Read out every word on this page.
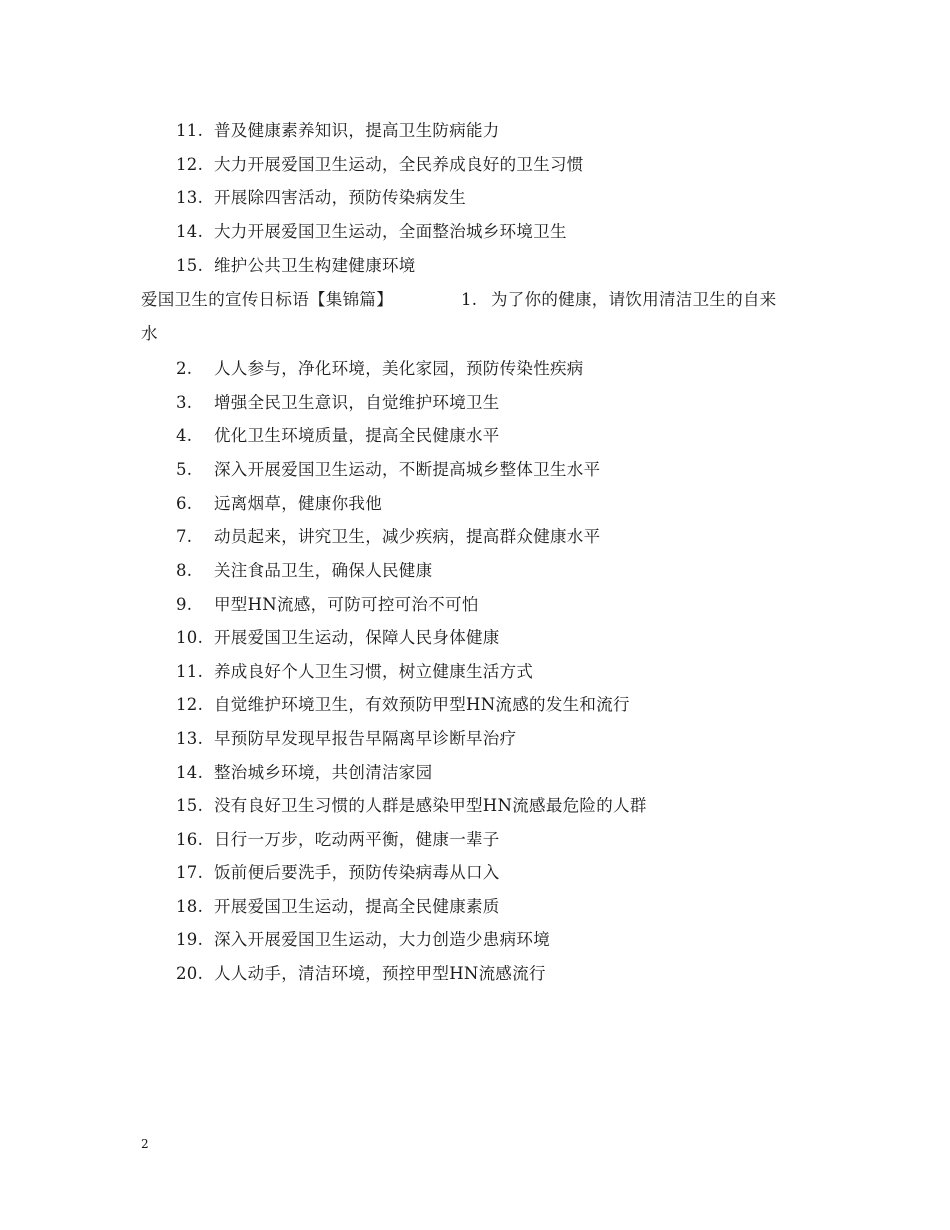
11. 普及健康素养知识，提高卫生防病能力
12. 大力开展爱国卫生运动，全民养成良好的卫生习惯
13. 开展除四害活动，预防传染病发生
14. 大力开展爱国卫生运动，全面整治城乡环境卫生
15. 维护公共卫生构建健康环境
爱国卫生的宣传日标语【集锦篇】	1. 为了你的健康，请饮用清洁卫生的自来
水
2. 人人参与，净化环境，美化家园，预防传染性疾病
3. 增强全民卫生意识，自觉维护环境卫生
4. 优化卫生环境质量，提高全民健康水平
5. 深入开展爱国卫生运动，不断提高城乡整体卫生水平
6. 远离烟草，健康你我他
7. 动员起来，讲究卫生，减少疾病，提高群众健康水平
8. 关注食品卫生，确保人民健康
9. 甲型HN流感，可防可控可治不可怕
10. 开展爱国卫生运动，保障人民身体健康
11. 养成良好个人卫生习惯，树立健康生活方式
12. 自觉维护环境卫生，有效预防甲型HN流感的发生和流行
13. 早预防早发现早报告早隔离早诊断早治疗
14. 整治城乡环境，共创清洁家园
15. 没有良好卫生习惯的人群是感染甲型HN流感最危险的人群
16. 日行一万步，吃动两平衡，健康一辈子
17. 饭前便后要洗手，预防传染病毒从口入
18. 开展爱国卫生运动，提高全民健康素质
19. 深入开展爱国卫生运动，大力创造少患病环境
20. 人人动手，清洁环境，预控甲型HN流感流行
2
